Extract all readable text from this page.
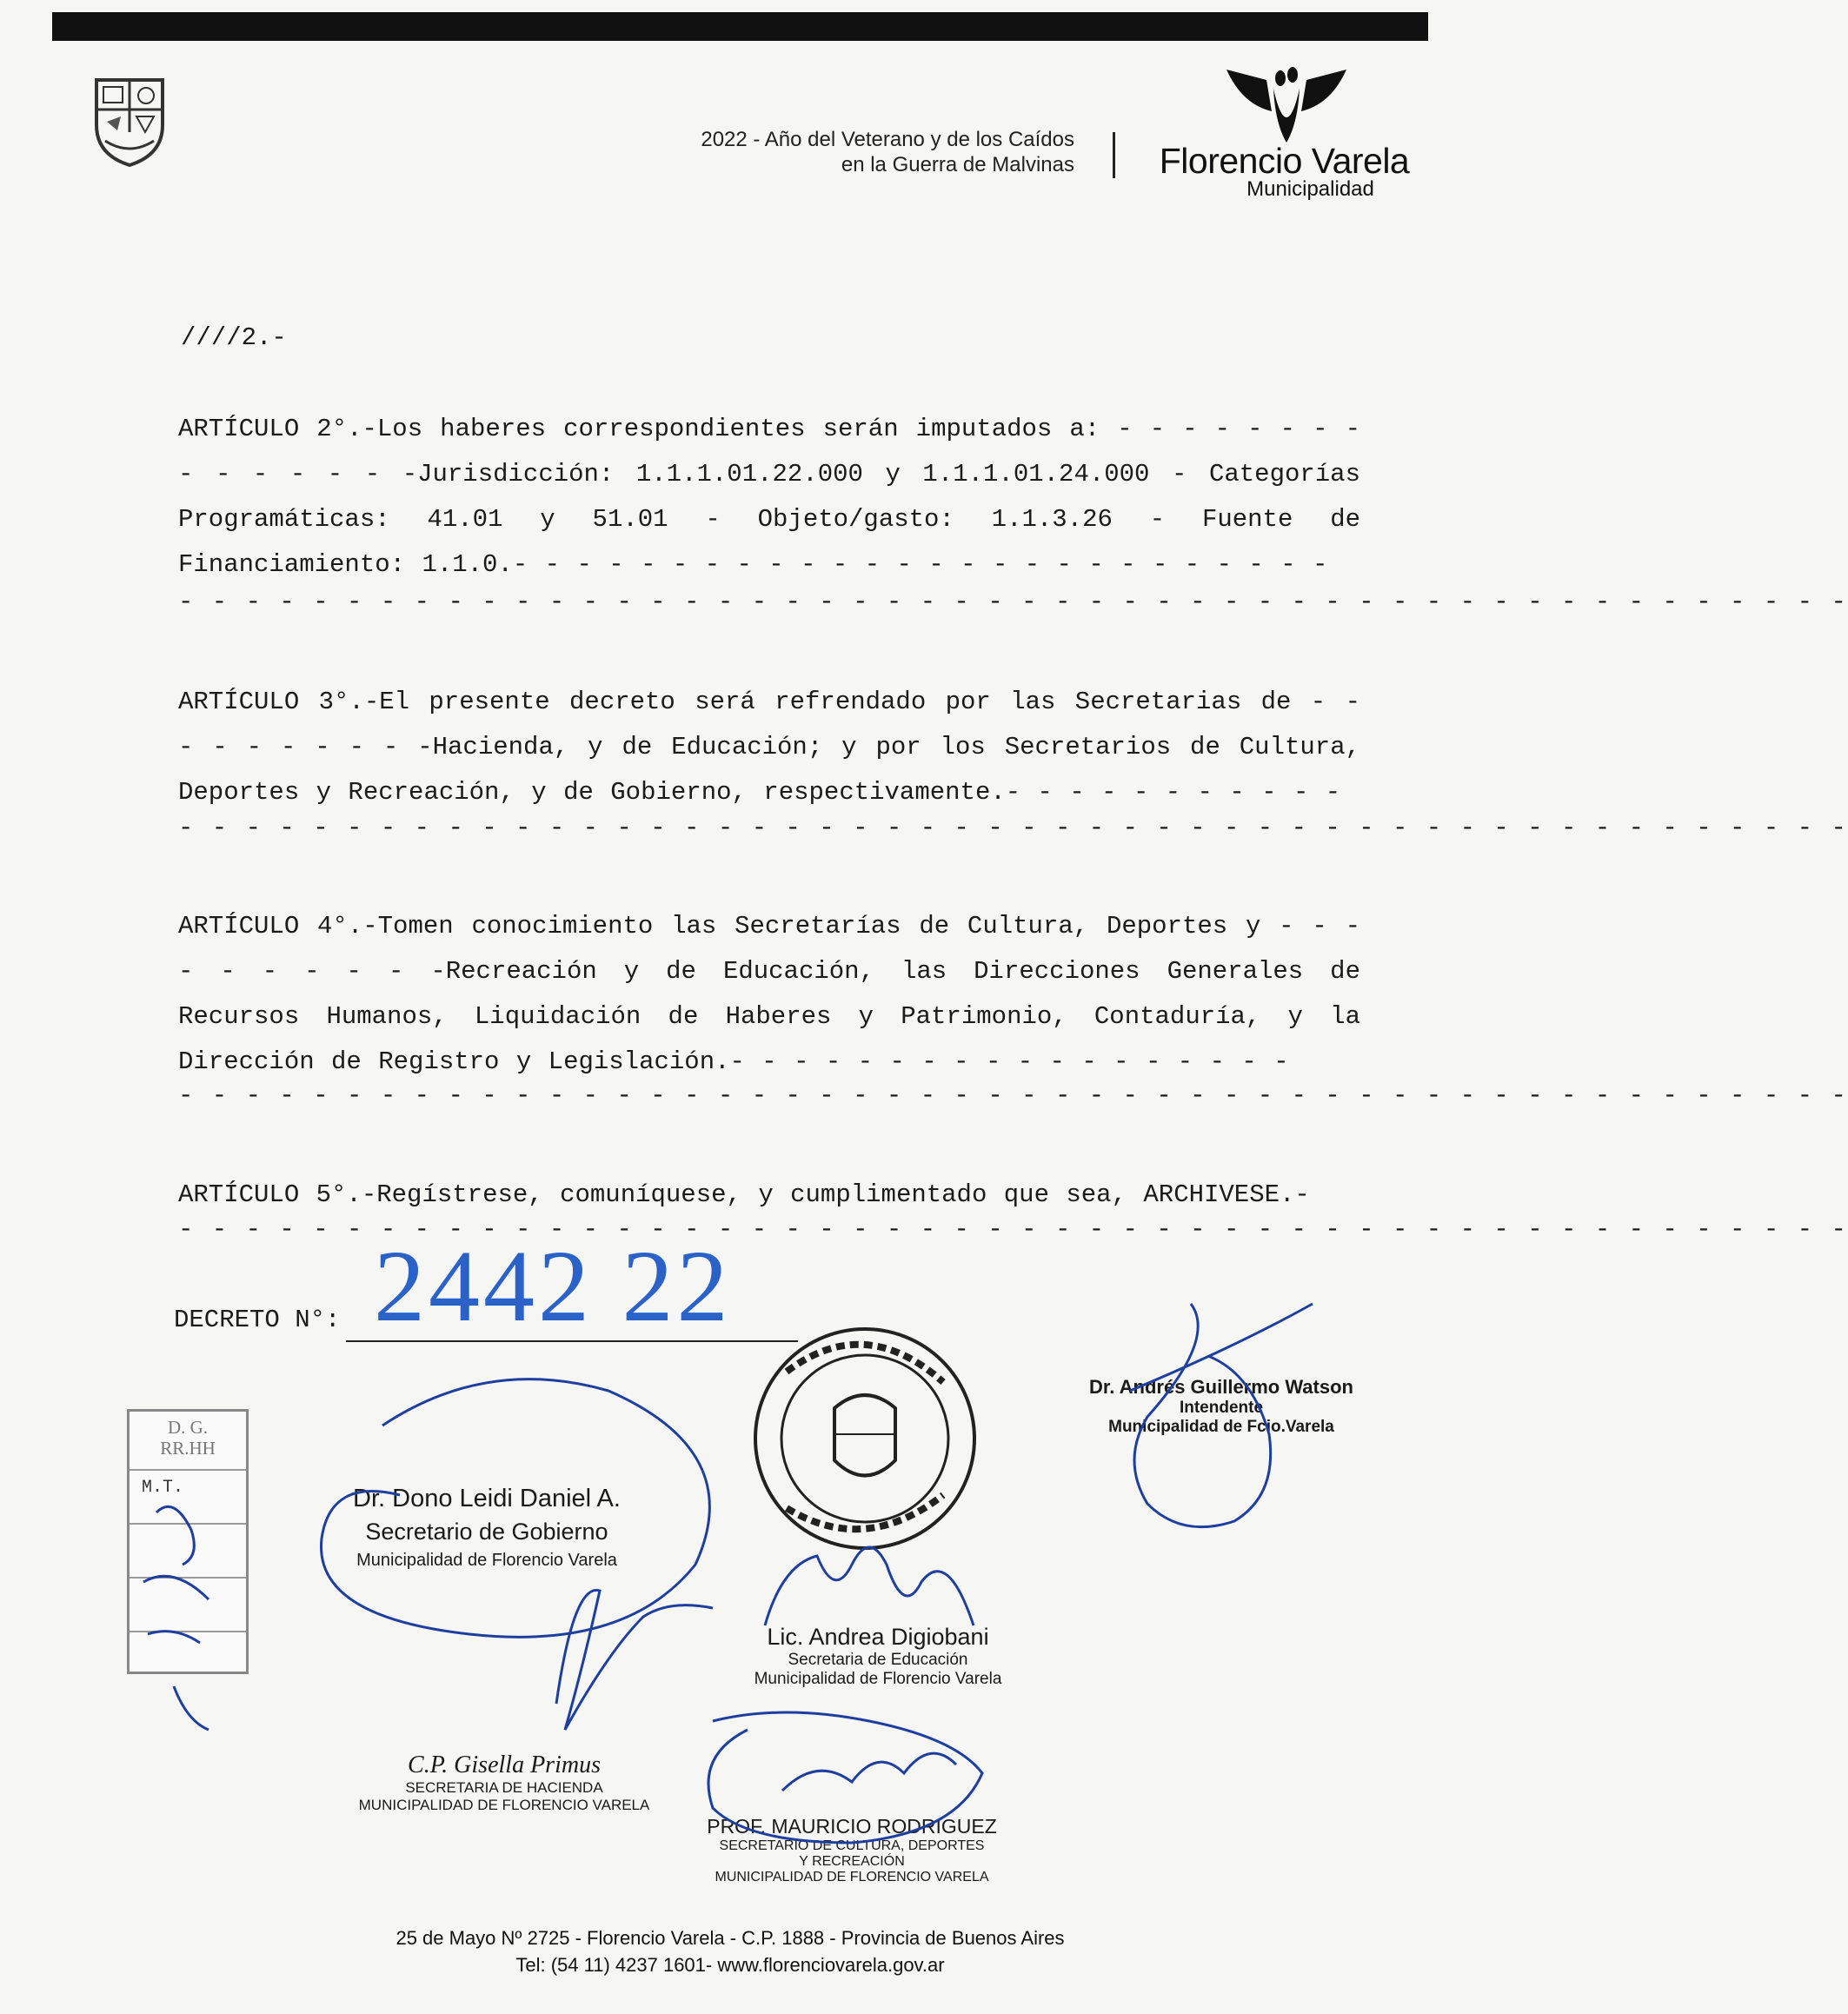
2022 - Año del Veterano y de los Caídos
en la Guerra de Malvinas Florencio Varela
Municipalidad
////2.-
ARTÍCULO 2°.-Los haberes correspondientes serán imputados a: - - - - - - - - - - - - - - -Jurisdicción: 1.1.1.01.22.000 y 1.1.1.01.24.000 - Categorías Programáticas: 41.01 y 51.01 - Objeto/gasto: 1.1.3.26 - Fuente de Financiamiento: 1.1.0.- - - - - - - - - - - - - - - - - - - - - - - - - -
- - - - - - - - - - - - - - - - - - - - - - - - - - - - - - - - - - - - - - - - - - - - - - - - - -
ARTÍCULO 3°.-El presente decreto será refrendado por las Secretarias de - - - - - - - - - -Hacienda, y de Educación; y por los Secretarios de Cultura, Deportes y Recreación, y de Gobierno, respectivamente.- - - - - - - - - - -
- - - - - - - - - - - - - - - - - - - - - - - - - - - - - - - - - - - - - - - - - - - - - - - - - -
ARTÍCULO 4°.-Tomen conocimiento las Secretarías de Cultura, Deportes y - - - - - - - - - -Recreación y de Educación, las Direcciones Generales de Recursos Humanos, Liquidación de Haberes y Patrimonio, Contaduría, y la Dirección de Registro y Legislación.- - - - - - - - - - - - - - - - - -
- - - - - - - - - - - - - - - - - - - - - - - - - - - - - - - - - - - - - - - - - - - - - - - - - -
ARTÍCULO 5°.-Regístrese, comuníquese, y cumplimentado que sea, ARCHIVESE.-
- - - - - - - - - - - - - - - - - - - - - - - - - - - - - - - - - - - - - - - - - - - - - - - - - -
DECRETO N°: 2442 22
D. G.
RR.HH
M.T.	Dr. Dono Leidi Daniel A.
Secretario de Gobierno
Municipalidad de Florencio Varela
Dr. Andrés Guillermo Watson
Intendente
Municipalidad de Fcio.Varela
Lic. Andrea Digiobani
Secretaria de Educación
Municipalidad de Florencio Varela
C.P. Gisella Primus
SECRETARIA DE HACIENDA
MUNICIPALIDAD DE FLORENCIO VARELA
PROF. MAURICIO RODRIGUEZ
SECRETARIO DE CULTURA, DEPORTES
Y RECREACIÓN
MUNICIPALIDAD DE FLORENCIO VARELA
25 de Mayo Nº 2725 - Florencio Varela - C.P. 1888 - Provincia de Buenos Aires
Tel: (54 11) 4237 1601- www.florenciovarela.gov.ar
